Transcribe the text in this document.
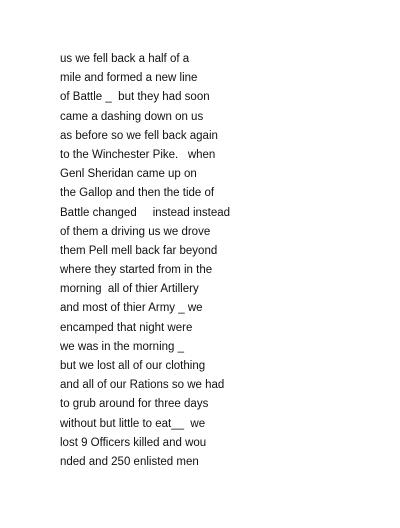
us we fell back a half of a
mile and formed a new line
of Battle _  but they had soon
came a dashing down on us
as before so we fell back again
to the Winchester Pike.   when
Genl Sheridan came up on
the Gallop and then the tide of
Battle changed     instead instead
of them a driving us we drove
them Pell mell back far beyond
where they started from in the
morning  all of thier Artillery
and most of thier Army _ we
encamped that night were
we was in the morning _
but we lost all of our clothing
and all of our Rations so we had
to grub around for three days
without but little to eat__  we
lost 9 Officers killed and wou
nded and 250 enlisted men
